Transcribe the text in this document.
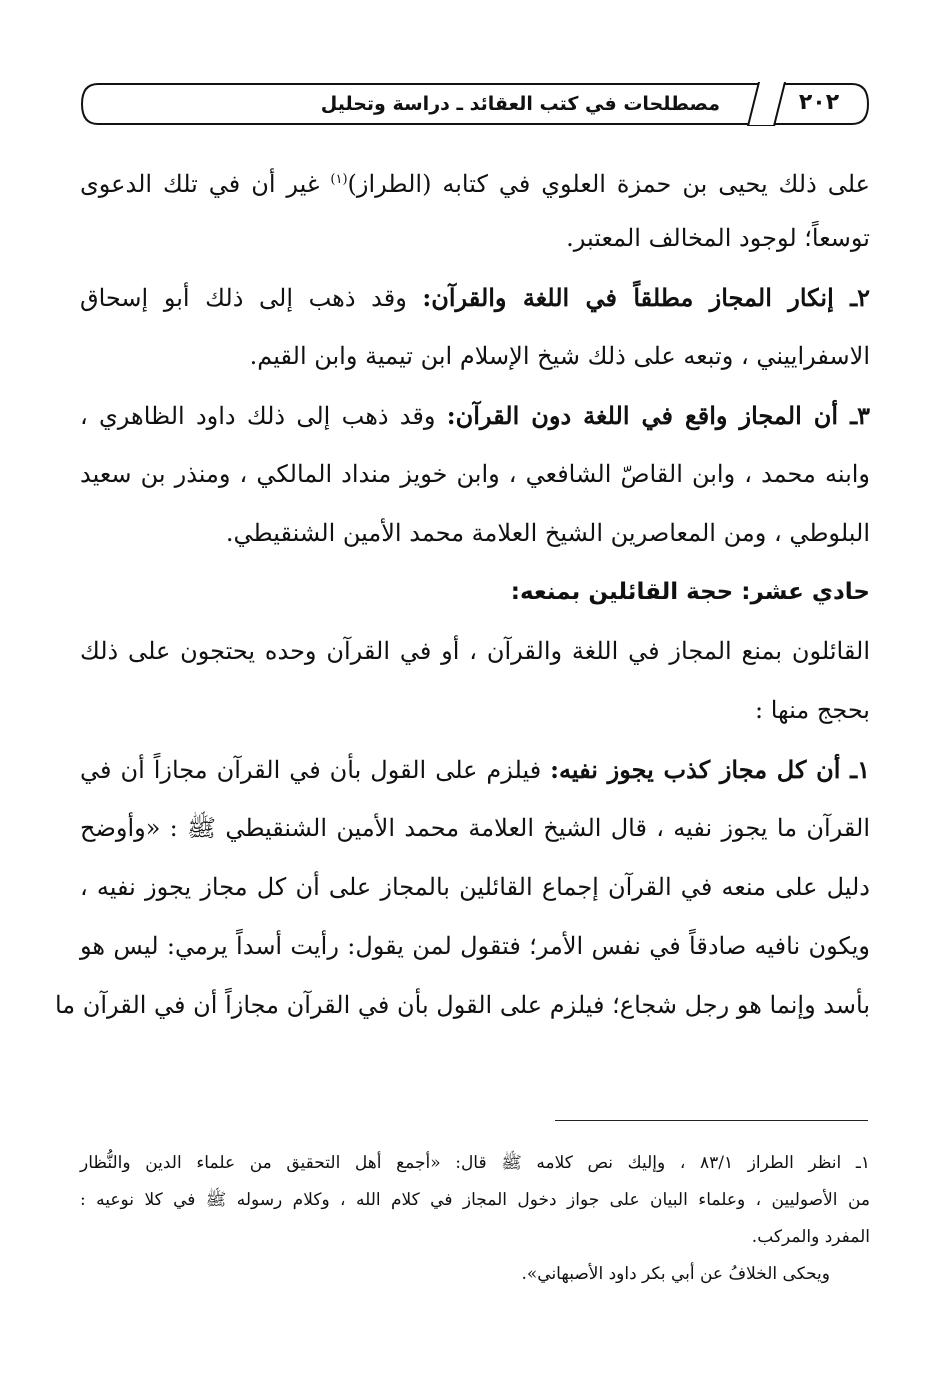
مصطلحات في كتب العقائد ـ دراسة وتحليل	٢٠٢
على ذلك يحيى بن حمزة العلوي في كتابه (الطراز)$^{(١)}$ غير أن في تلك الدعوى
توسعاً؛ لوجود المخالف المعتبر.
٢ـ إنكار المجاز مطلقاً في اللغة والقرآن: وقد ذهب إلى ذلك أبو إسحاق
الاسفراييني ، وتبعه على ذلك شيخ الإسلام ابن تيمية وابن القيم.
٣ـ أن المجاز واقع في اللغة دون القرآن: وقد ذهب إلى ذلك داود الظاهري ،
وابنه محمد ، وابن القاصّ الشافعي ، وابن خويز منداد المالكي ، ومنذر بن سعيد
البلوطي ، ومن المعاصرين الشيخ العلامة محمد الأمين الشنقيطي.
حادي عشر: حجة القائلين بمنعه:
القائلون بمنع المجاز في اللغة والقرآن ، أو في القرآن وحده يحتجون على ذلك
بحجج منها :
١ـ أن كل مجاز كذب يجوز نفيه: فيلزم على القول بأن في القرآن مجازاً أن في
القرآن ما يجوز نفيه ، قال الشيخ العلامة محمد الأمين الشنقيطي ﷺ : «وأوضح
دليل على منعه في القرآن إجماع القائلين بالمجاز على أن كل مجاز يجوز نفيه ،
ويكون نافيه صادقاً في نفس الأمر؛ فتقول لمن يقول: رأيت أسداً يرمي: ليس هو
بأسد وإنما هو رجل شجاع؛ فيلزم على القول بأن في القرآن مجازاً أن في القرآن ما
١ـ انظر الطراز ٨٣/١ ، وإليك نص كلامه ﷺ قال: «أجمع أهل التحقيق من علماء الدين والنُّظار
من الأصوليين ، وعلماء البيان على جواز دخول المجاز في كلام الله ، وكلام رسوله ﷺ في كلا نوعيه :
المفرد والمركب.
ويحكى الخلافُ عن أبي بكر داود الأصبهاني».
